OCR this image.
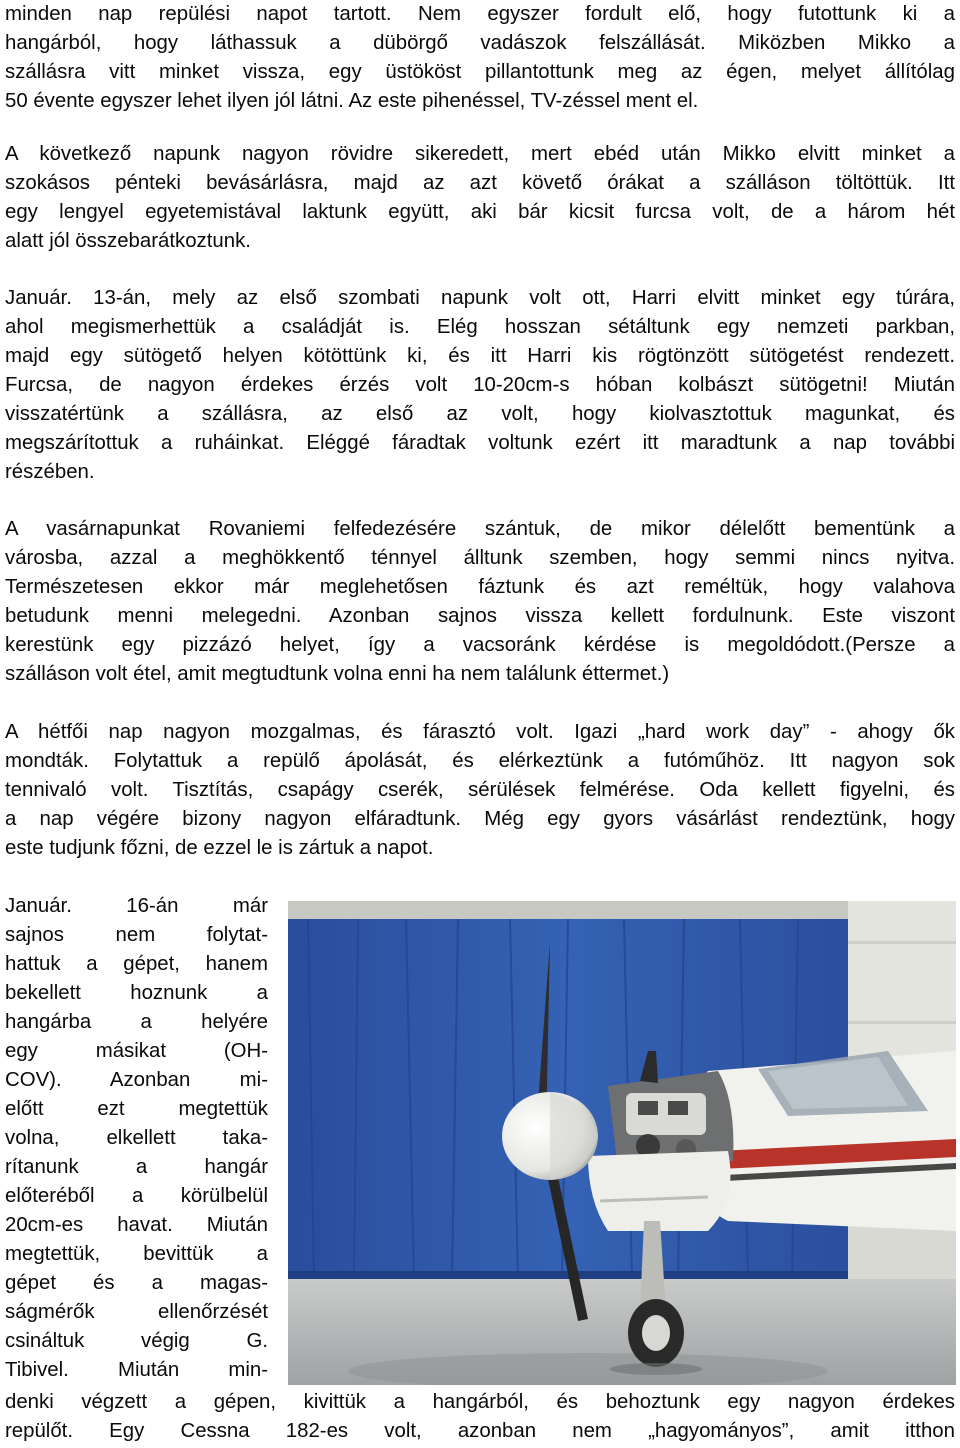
minden nap repülési napot tartott. Nem egyszer fordult elő, hogy futottunk ki a
hangárból, hogy láthassuk a dübörgő vadászok felszállását. Miközben Mikko a
szállásra vitt minket vissza, egy üstököst pillantottunk meg az égen, melyet állítólag
50 évente egyszer lehet ilyen jól látni. Az este pihenéssel, TV-zéssel ment el.

A következő napunk nagyon rövidre sikeredett, mert ebéd után Mikko elvitt minket a
szokásos pénteki bevásárlásra, majd az azt követő órákat a szálláson töltöttük. Itt
egy lengyel egyetemistával laktunk együtt, aki bár kicsit furcsa volt, de a három hét
alatt jól összebarátkoztunk.

Január. 13-án, mely az első szombati napunk volt ott, Harri elvitt minket egy túrára,
ahol megismerhettük a családját is. Elég hosszan sétáltunk egy nemzeti parkban,
majd egy sütögető helyen kötöttünk ki, és itt Harri kis rögtönzött sütögetést rendezett.
Furcsa, de nagyon érdekes érzés volt 10-20cm-s hóban kolbászt sütögetni! Miután
visszatértünk a szállásra, az első az volt, hogy kiolvasztottuk magunkat, és
megszárítottuk a ruháinkat. Eléggé fáradtak voltunk ezért itt maradtunk a nap további
részében.

A vasárnapunkat Rovaniemi felfedezésére szántuk, de mikor délelőtt bementünk a
városba, azzal a meghökkentő ténnyel álltunk szemben, hogy semmi nincs nyitva.
Természetesen ekkor már meglehetősen fáztunk és azt reméltük, hogy valahova
betudunk menni melegedni. Azonban sajnos vissza kellett fordulnunk. Este viszont
kerestünk egy pizzázó helyet, így a vacsoránk kérdése is megoldódott.(Persze a
szálláson volt étel, amit megtudtunk volna enni ha nem találunk éttermet.)

A hétfői nap nagyon mozgalmas, és fárasztó volt. Igazi „hard work day” - ahogy ők
mondták. Folytattuk a repülő ápolását, és elérkeztünk a futóműhöz. Itt nagyon sok
tennivaló volt. Tisztítás, csapágy cserék, sérülések felmérése. Oda kellett figyelni, és
a nap végére bizony nagyon elfáradtunk. Még egy gyors vásárlást rendeztünk, hogy
este tudjunk főzni, de ezzel le is zártuk a napot.

Január. 16-án már
sajnos nem folytat-
hattuk a gépet, hanem
bekellett hoznunk a
hangárba a helyére
egy másikat (OH-
COV). Azonban mi-
előtt ezt megtettük
volna, elkellett taka-
rítanunk a hangár
előteréből a körülbelül
20cm-es havat. Miután
megtettük, bevittük a
gépet és a magas-
ságmérők ellenőrzését
csináltuk végig G.
Tibivel. Miután min-
denki végzett a gépen, kivittük a hangárból, és behoztunk egy nagyon érdekes
repülőt. Egy Cessna 182-es volt, azonban nem „hagyományos”, amit itthon
